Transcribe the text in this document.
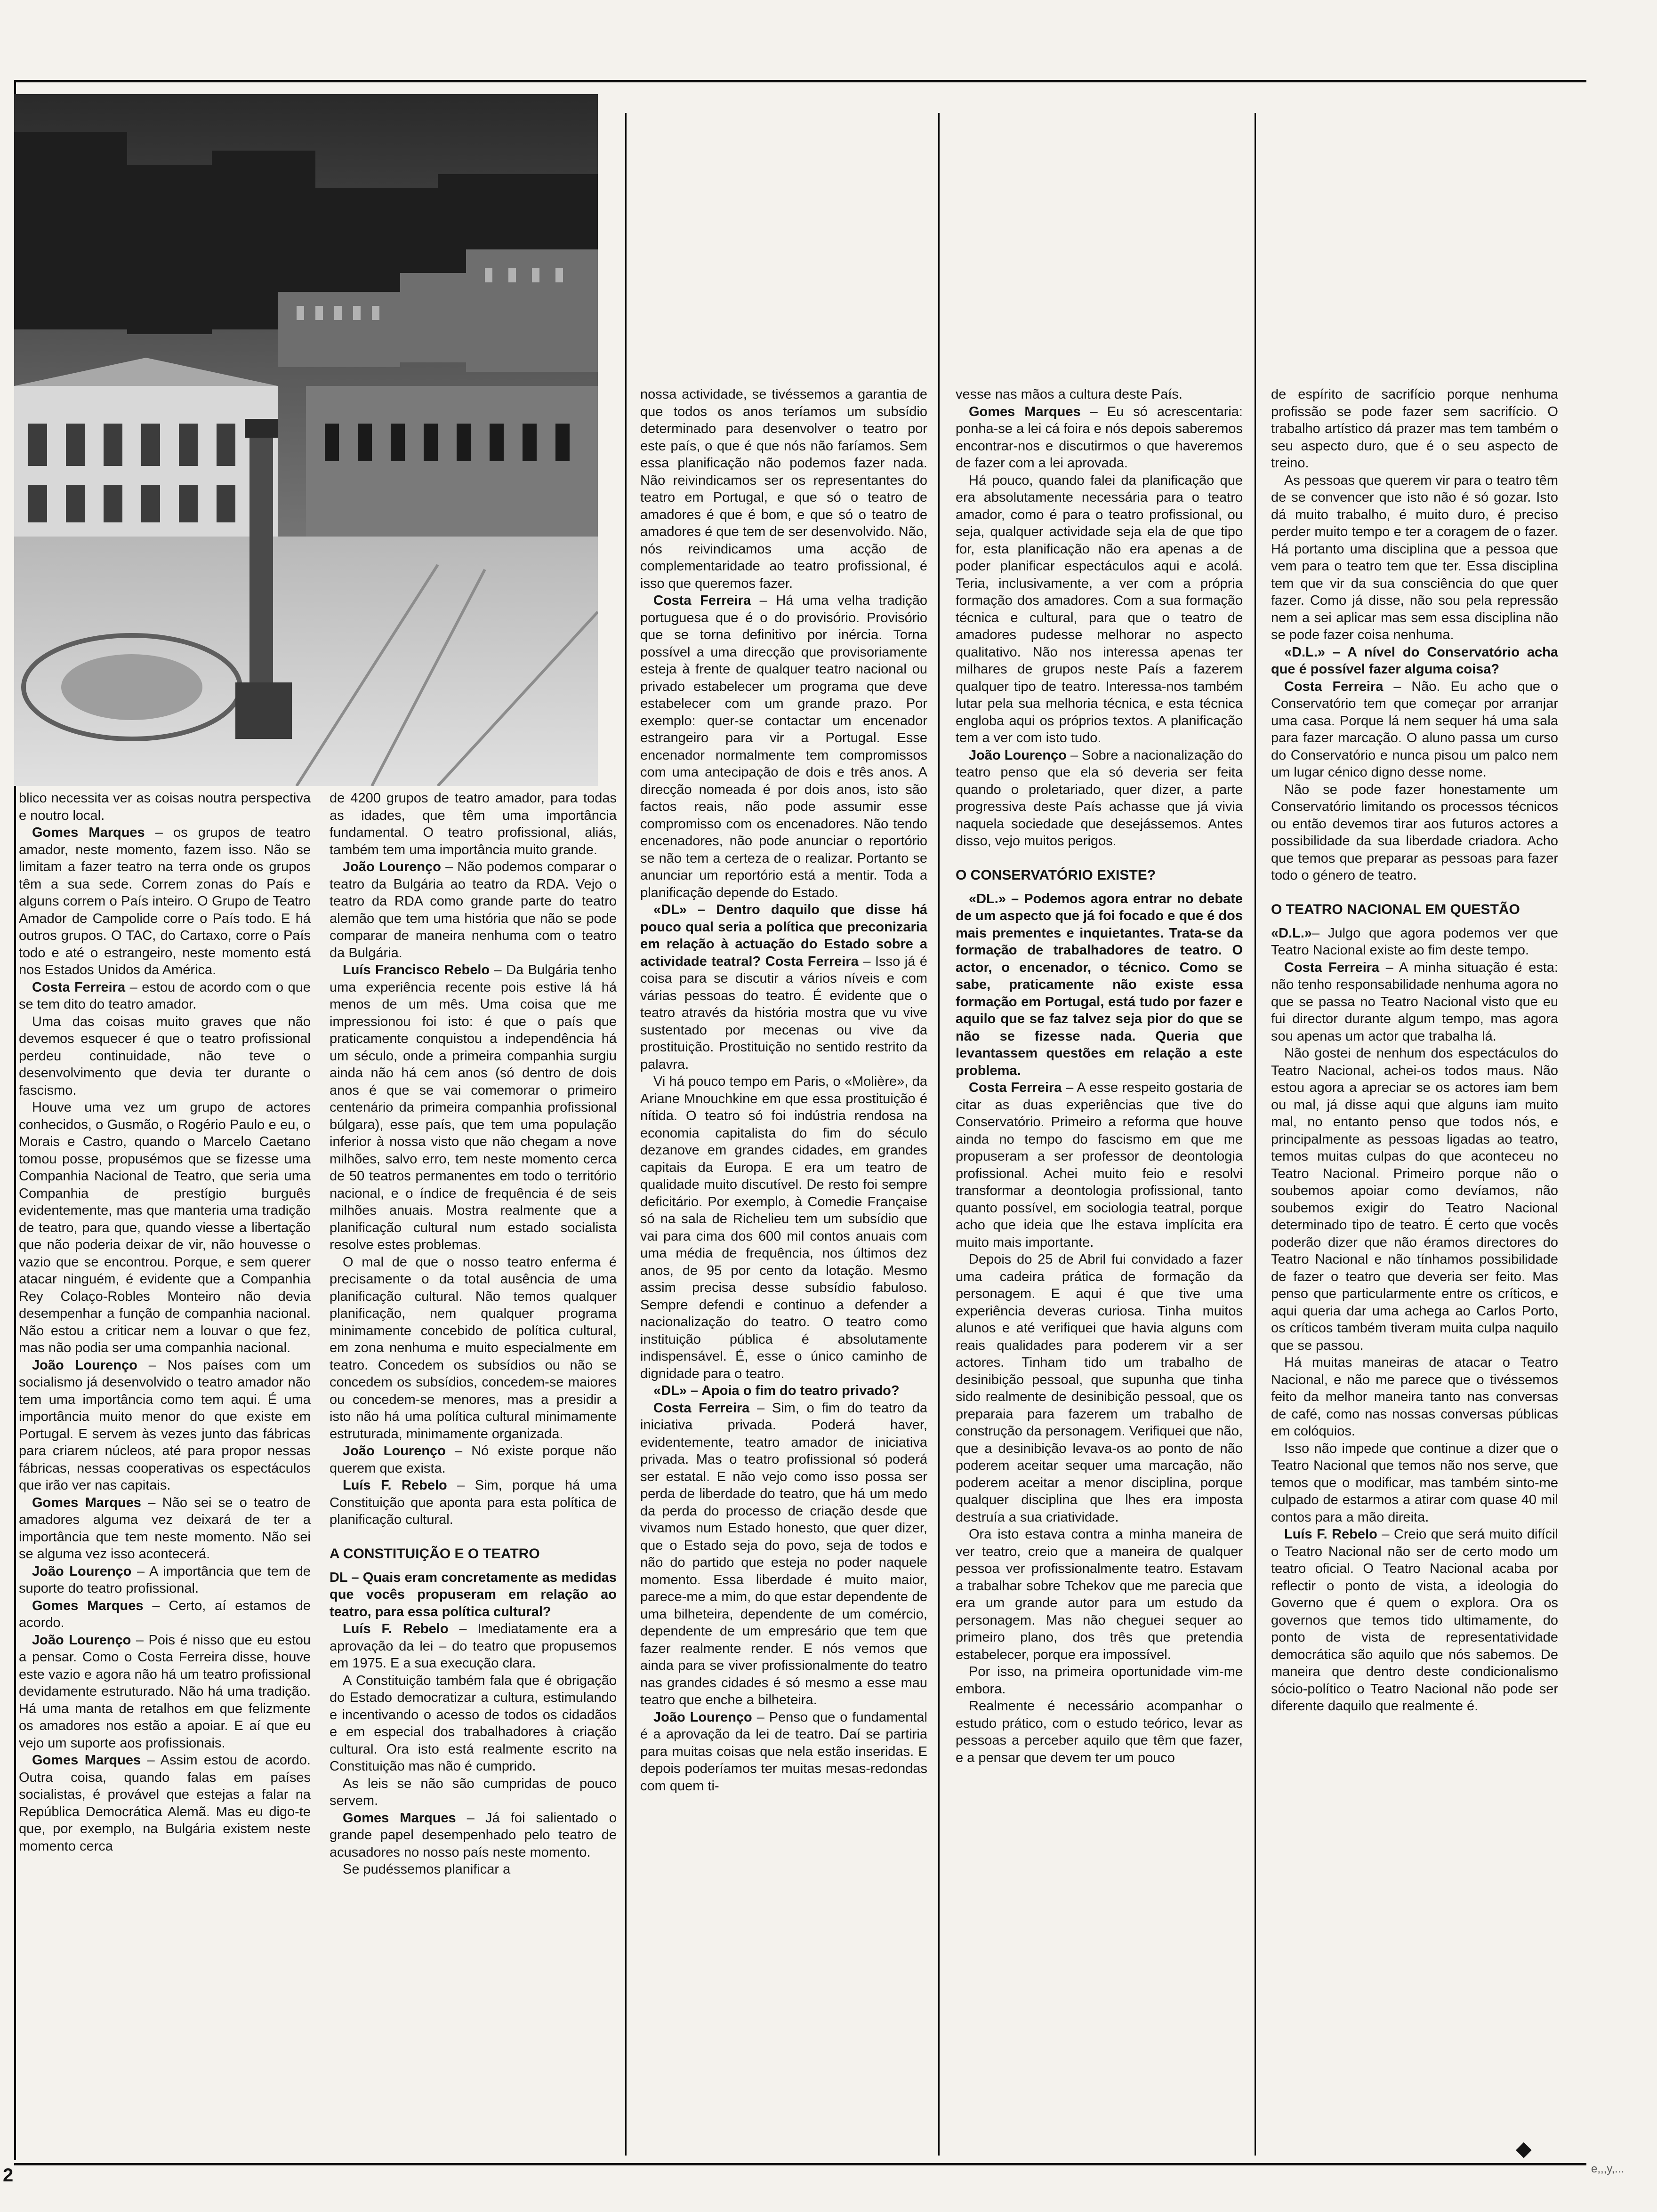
blico necessita ver as coisas noutra perspectiva e noutro local.

Gomes Marques – os grupos de teatro amador, neste momento, fazem isso. Não se limitam a fazer teatro na terra onde os grupos têm a sua sede. Correm zonas do País e alguns correm o País inteiro. O Grupo de Teatro Amador de Campolide corre o País todo. E há outros grupos. O TAC, do Cartaxo, corre o País todo e até o estrangeiro, neste momento está nos Estados Unidos da América.

Costa Ferreira – estou de acordo com o que se tem dito do teatro amador.

Uma das coisas muito graves que não devemos esquecer é que o teatro profissional perdeu continuidade, não teve o desenvolvimento que devia ter durante o fascismo.

Houve uma vez um grupo de actores conhecidos, o Gusmão, o Rogério Paulo e eu, o Morais e Castro, quando o Marcelo Caetano tomou posse, propusémos que se fizesse uma Companhia Nacional de Teatro, que seria uma Companhia de prestígio burguês evidentemente, mas que manteria uma tradição de teatro, para que, quando viesse a libertação que não poderia deixar de vir, não houvesse o vazio que se encontrou. Porque, e sem querer atacar ninguém, é evidente que a Companhia Rey Colaço-Robles Monteiro não devia desempenhar a função de companhia nacional. Não estou a criticar nem a louvar o que fez, mas não podia ser uma companhia nacional.

João Lourenço – Nos países com um socialismo já desenvolvido o teatro amador não tem uma importância como tem aqui. É uma importância muito menor do que existe em Portugal. E servem às vezes junto das fábricas para criarem núcleos, até para propor nessas fábricas, nessas cooperativas os espectáculos que irão ver nas capitais.

Gomes Marques – Não sei se o teatro de amadores alguma vez deixará de ter a importância que tem neste momento. Não sei se alguma vez isso acontecerá.

João Lourenço – A importância que tem de suporte do teatro profissional.

Gomes Marques – Certo, aí estamos de acordo.

João Lourenço – Pois é nisso que eu estou a pensar. Como o Costa Ferreira disse, houve este vazio e agora não há um teatro profissional devidamente estruturado. Não há uma tradição. Há uma manta de retalhos em que felizmente os amadores nos estão a apoiar. E aí que eu vejo um suporte aos profissionais.

Gomes Marques – Assim estou de acordo. Outra coisa, quando falas em países socialistas, é provável que estejas a falar na República Democrática Alemã. Mas eu digo-te que, por exemplo, na Bulgária existem neste momento cerca

de 4200 grupos de teatro amador, para todas as idades, que têm uma importância fundamental. O teatro profissional, aliás, também tem uma importância muito grande.

João Lourenço – Não podemos comparar o teatro da Bulgária ao teatro da RDA. Vejo o teatro da RDA como grande parte do teatro alemão que tem uma história que não se pode comparar de maneira nenhuma com o teatro da Bulgária.

Luís Francisco Rebelo – Da Bulgária tenho uma experiência recente pois estive lá há menos de um mês. Uma coisa que me impressionou foi isto: é que o país que praticamente conquistou a independência há um século, onde a primeira companhia surgiu ainda não há cem anos (só dentro de dois anos é que se vai comemorar o primeiro centenário da primeira companhia profissional búlgara), esse país, que tem uma população inferior à nossa visto que não chegam a nove milhões, salvo erro, tem neste momento cerca de 50 teatros permanentes em todo o território nacional, e o índice de frequência é de seis milhões anuais. Mostra realmente que a planificação cultural num estado socialista resolve estes problemas.

O mal de que o nosso teatro enferma é precisamente o da total ausência de uma planificação cultural. Não temos qualquer planificação, nem qualquer programa minimamente concebido de política cultural, em zona nenhuma e muito especialmente em teatro. Concedem os subsídios ou não se concedem os subsídios, concedem-se maiores ou concedem-se menores, mas a presidir a isto não há uma política cultural minimamente estruturada, minimamente organizada.

João Lourenço – Nó existe porque não querem que exista.

Luís F. Rebelo – Sim, porque há uma Constituição que aponta para esta política de planificação cultural.

A CONSTITUIÇÃO E O TEATRO

DL – Quais eram concretamente as medidas que vocês propuseram em relação ao teatro, para essa política cultural?

Luís F. Rebelo – Imediatamente era a aprovação da lei – do teatro que propusemos em 1975. E a sua execução clara.

A Constituição também fala que é obrigação do Estado democratizar a cultura, estimulando e incentivando o acesso de todos os cidadãos e em especial dos trabalhadores à criação cultural. Ora isto está realmente escrito na Constituição mas não é cumprido.

As leis se não são cumpridas de pouco servem.

Gomes Marques – Já foi salientado o grande papel desempenhado pelo teatro de acusadores no nosso país neste momento.

Se pudéssemos planificar a

nossa actividade, se tivéssemos a garantia de que todos os anos teríamos um subsídio determinado para desenvolver o teatro por este país, o que é que nós não faríamos. Sem essa planificação não podemos fazer nada. Não reivindicamos ser os representantes do teatro em Portugal, e que só o teatro de amadores é que é bom, e que só o teatro de amadores é que tem de ser desenvolvido. Não, nós reivindicamos uma acção de complementaridade ao teatro profissional, é isso que queremos fazer.

Costa Ferreira – Há uma velha tradição portuguesa que é o do provisório. Provisório que se torna definitivo por inércia. Torna possível a uma direcção que provisoriamente esteja à frente de qualquer teatro nacional ou privado estabelecer um programa que deve estabelecer com um grande prazo. Por exemplo: quer-se contactar um encenador estrangeiro para vir a Portugal. Esse encenador normalmente tem compromissos com uma antecipação de dois e três anos. A direcção nomeada é por dois anos, isto são factos reais, não pode assumir esse compromisso com os encenadores. Não tendo encenadores, não pode anunciar o reportório se não tem a certeza de o realizar. Portanto se anunciar um reportório está a mentir. Toda a planificação depende do Estado.

«DL» – Dentro daquilo que disse há pouco qual seria a política que preconizaria em relação à actuação do Estado sobre a actividade teatral? Costa Ferreira – Isso já é coisa para se discutir a vários níveis e com várias pessoas do teatro. É evidente que o teatro através da história mostra que vu vive sustentado por mecenas ou vive da prostituição. Prostituição no sentido restrito da palavra.

Vi há pouco tempo em Paris, o «Molière», da Ariane Mnouchkine em que essa prostituição é nítida. O teatro só foi indústria rendosa na economia capitalista do fim do século dezanove em grandes cidades, em grandes capitais da Europa. E era um teatro de qualidade muito discutível. De resto foi sempre deficitário. Por exemplo, à Comedie Française só na sala de Richelieu tem um subsídio que vai para cima dos 600 mil contos anuais com uma média de frequência, nos últimos dez anos, de 95 por cento da lotação. Mesmo assim precisa desse subsídio fabuloso. Sempre defendi e continuo a defender a nacionalização do teatro. O teatro como instituição pública é absolutamente indispensável. É, esse o único caminho de dignidade para o teatro.

«DL» – Apoia o fim do teatro privado?

Costa Ferreira – Sim, o fim do teatro da iniciativa privada. Poderá haver, evidentemente, teatro amador de iniciativa privada. Mas o teatro profissional só poderá ser estatal. E não vejo como isso possa ser perda de liberdade do teatro, que há um medo da perda do processo de criação desde que vivamos num Estado honesto, que quer dizer, que o Estado seja do povo, seja de todos e não do partido que esteja no poder naquele momento. Essa liberdade é muito maior, parece-me a mim, do que estar dependente de uma bilheteira, dependente de um comércio, dependente de um empresário que tem que fazer realmente render. E nós vemos que ainda para se viver profissionalmente do teatro nas grandes cidades é só mesmo a esse mau teatro que enche a bilheteira.

João Lourenço – Penso que o fundamental é a aprovação da lei de teatro. Daí se partiria para muitas coisas que nela estão inseridas. E depois poderíamos ter muitas mesas-redondas com quem ti-

vesse nas mãos a cultura deste País.

Gomes Marques – Eu só acrescentaria: ponha-se a lei cá foira e nós depois saberemos encontrar-nos e discutirmos o que haveremos de fazer com a lei aprovada.

Há pouco, quando falei da planificação que era absolutamente necessária para o teatro amador, como é para o teatro profissional, ou seja, qualquer actividade seja ela de que tipo for, esta planificação não era apenas a de poder planificar espectáculos aqui e acolá. Teria, inclusivamente, a ver com a própria formação dos amadores. Com a sua formação técnica e cultural, para que o teatro de amadores pudesse melhorar no aspecto qualitativo. Não nos interessa apenas ter milhares de grupos neste País a fazerem qualquer tipo de teatro. Interessa-nos também lutar pela sua melhoria técnica, e esta técnica engloba aqui os próprios textos. A planificação tem a ver com isto tudo.

João Lourenço – Sobre a nacionalização do teatro penso que ela só deveria ser feita quando o proletariado, quer dizer, a parte progressiva deste País achasse que já vivia naquela sociedade que desejássemos. Antes disso, vejo muitos perigos.

O CONSERVATÓRIO EXISTE?

«DL.» – Podemos agora entrar no debate de um aspecto que já foi focado e que é dos mais prementes e inquietantes. Trata-se da formação de trabalhadores de teatro. O actor, o encenador, o técnico. Como se sabe, praticamente não existe essa formação em Portugal, está tudo por fazer e aquilo que se faz talvez seja pior do que se não se fizesse nada. Queria que levantassem questões em relação a este problema.

Costa Ferreira – A esse respeito gostaria de citar as duas experiências que tive do Conservatório. Primeiro a reforma que houve ainda no tempo do fascismo em que me propuseram a ser professor de deontologia profissional. Achei muito feio e resolvi transformar a deontologia profissional, tanto quanto possível, em sociologia teatral, porque acho que ideia que lhe estava implícita era muito mais importante.

Depois do 25 de Abril fui convidado a fazer uma cadeira prática de formação da personagem. E aqui é que tive uma experiência deveras curiosa. Tinha muitos alunos e até verifiquei que havia alguns com reais qualidades para poderem vir a ser actores. Tinham tido um trabalho de desinibição pessoal, que supunha que tinha sido realmente de desinibição pessoal, que os preparaia para fazerem um trabalho de construção da personagem. Verifiquei que não, que a desinibição levava-os ao ponto de não poderem aceitar sequer uma marcação, não poderem aceitar a menor disciplina, porque qualquer disciplina que lhes era imposta destruía a sua criatividade.

Ora isto estava contra a minha maneira de ver teatro, creio que a maneira de qualquer pessoa ver profissionalmente teatro. Estavam a trabalhar sobre Tchekov que me parecia que era um grande autor para um estudo da personagem. Mas não cheguei sequer ao primeiro plano, dos três que pretendia estabelecer, porque era impossível.

Por isso, na primeira oportunidade vim-me embora.

Realmente é necessário acompanhar o estudo prático, com o estudo teórico, levar as pessoas a perceber aquilo que têm que fazer, e a pensar que devem ter um pouco

de espírito de sacrifício porque nenhuma profissão se pode fazer sem sacrifício. O trabalho artístico dá prazer mas tem também o seu aspecto duro, que é o seu aspecto de treino.

As pessoas que querem vir para o teatro têm de se convencer que isto não é só gozar. Isto dá muito trabalho, é muito duro, é preciso perder muito tempo e ter a coragem de o fazer. Há portanto uma disciplina que a pessoa que vem para o teatro tem que ter. Essa disciplina tem que vir da sua consciência do que quer fazer. Como já disse, não sou pela repressão nem a sei aplicar mas sem essa disciplina não se pode fazer coisa nenhuma.

«D.L.» – A nível do Conservatório acha que é possível fazer alguma coisa?

Costa Ferreira – Não. Eu acho que o Conservatório tem que começar por arranjar uma casa. Porque lá nem sequer há uma sala para fazer marcação. O aluno passa um curso do Conservatório e nunca pisou um palco nem um lugar cénico digno desse nome.

Não se pode fazer honestamente um Conservatório limitando os processos técnicos ou então devemos tirar aos futuros actores a possibilidade da sua liberdade criadora. Acho que temos que preparar as pessoas para fazer todo o género de teatro.

O TEATRO NACIONAL EM QUESTÃO

«D.L.»– Julgo que agora podemos ver que Teatro Nacional existe ao fim deste tempo.

Costa Ferreira – A minha situação é esta: não tenho responsabilidade nenhuma agora no que se passa no Teatro Nacional visto que eu fui director durante algum tempo, mas agora sou apenas um actor que trabalha lá.

Não gostei de nenhum dos espectáculos do Teatro Nacional, achei-os todos maus. Não estou agora a apreciar se os actores iam bem ou mal, já disse aqui que alguns iam muito mal, no entanto penso que todos nós, e principalmente as pessoas ligadas ao teatro, temos muitas culpas do que aconteceu no Teatro Nacional. Primeiro porque não o soubemos apoiar como devíamos, não soubemos exigir do Teatro Nacional determinado tipo de teatro. É certo que vocês poderão dizer que não éramos directores do Teatro Nacional e não tínhamos possibilidade de fazer o teatro que deveria ser feito. Mas penso que particularmente entre os críticos, e aqui queria dar uma achega ao Carlos Porto, os críticos também tiveram muita culpa naquilo que se passou.

Há muitas maneiras de atacar o Teatro Nacional, e não me parece que o tivéssemos feito da melhor maneira tanto nas conversas de café, como nas nossas conversas públicas em colóquios.

Isso não impede que continue a dizer que o Teatro Nacional que temos não nos serve, que temos que o modificar, mas também sinto-me culpado de estarmos a atirar com quase 40 mil contos para a mão direita.

Luís F. Rebelo – Creio que será muito difícil o Teatro Nacional não ser de certo modo um teatro oficial. O Teatro Nacional acaba por reflectir o ponto de vista, a ideologia do Governo que é quem o explora. Ora os governos que temos tido ultimamente, do ponto de vista de representatividade democrática são aquilo que nós sabemos. De maneira que dentro deste condicionalismo sócio-político o Teatro Nacional não pode ser diferente daquilo que realmente é.

2
◆
e,,,y,...
